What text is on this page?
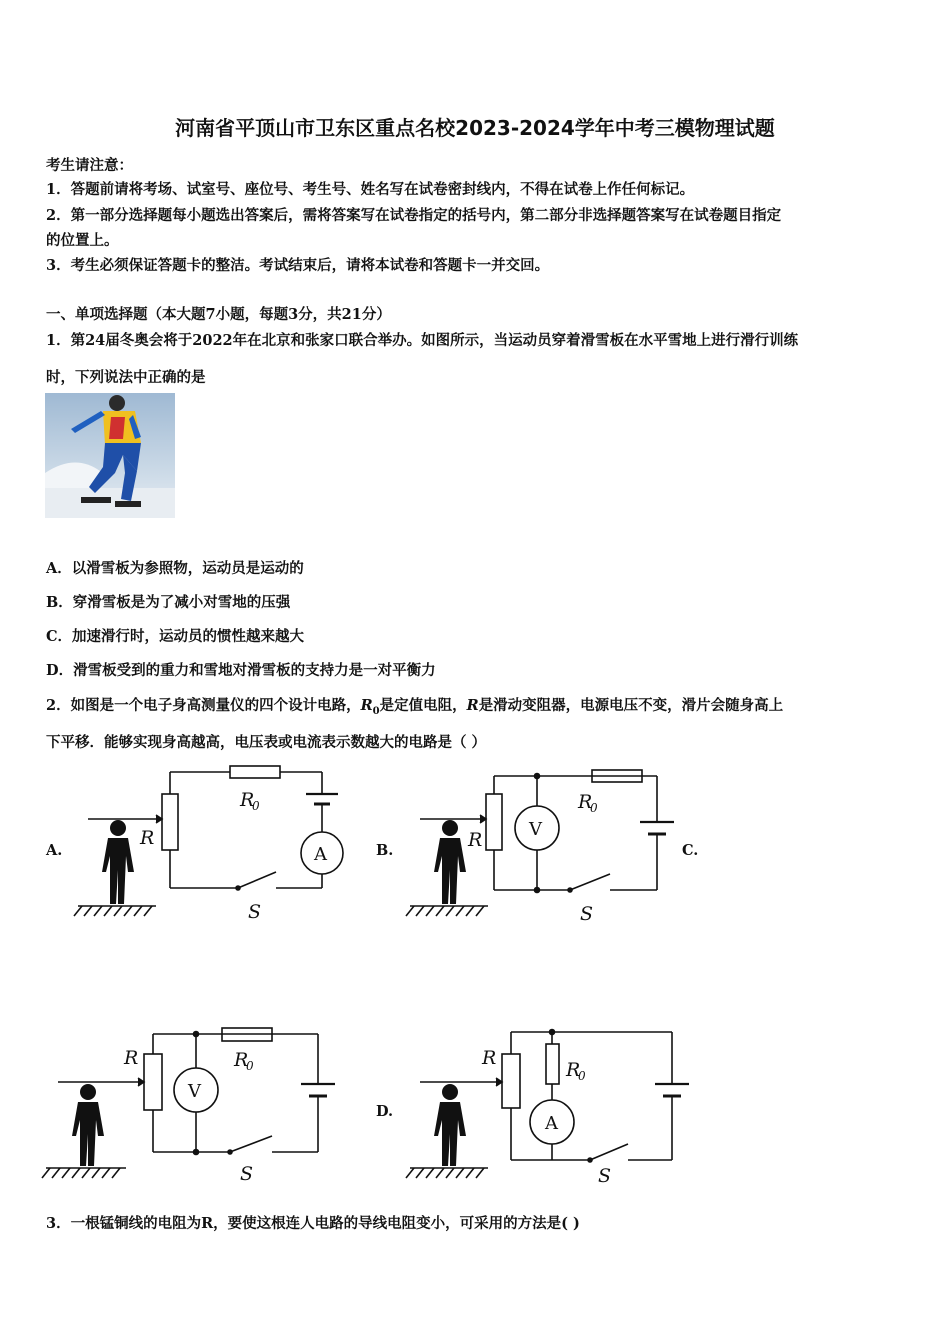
河南省平顶山市卫东区重点名校2023-2024学年中考三模物理试题
考生请注意：
1．答题前请将考场、试室号、座位号、考生号、姓名写在试卷密封线内，不得在试卷上作任何标记。
2．第一部分选择题每小题选出答案后，需将答案写在试卷指定的括号内，第二部分非选择题答案写在试卷题目指定
的位置上。
3．考生必须保证答题卡的整洁。考试结束后，请将本试卷和答题卡一并交回。
一、单项选择题（本大题7小题，每题3分，共21分）
1．第24届冬奥会将于2022年在北京和张家口联合举办。如图所示，当运动员穿着滑雪板在水平雪地上进行滑行训练
时，下列说法中正确的是
A．以滑雪板为参照物，运动员是运动的
B．穿滑雪板是为了减小对雪地的压强
C．加速滑行时，运动员的惯性越来越大
D．滑雪板受到的重力和雪地对滑雪板的支持力是一对平衡力
2．如图是一个电子身高测量仪的四个设计电路，$R_0$是定值电阻，R是滑动变阻器，电源电压不变，滑片会随身高上
下平移．能够实现身高越高，电压表或电流表示数越大的电路是（ ）
A.	B.	C.
D.
R
R
0
S
A
R
R
0
S
V
R	R
0
S
V
R
R
0
S
A
3．一根锰铜线的电阻为R，要使这根连人电路的导线电阻变小，可采用的方法是( )
